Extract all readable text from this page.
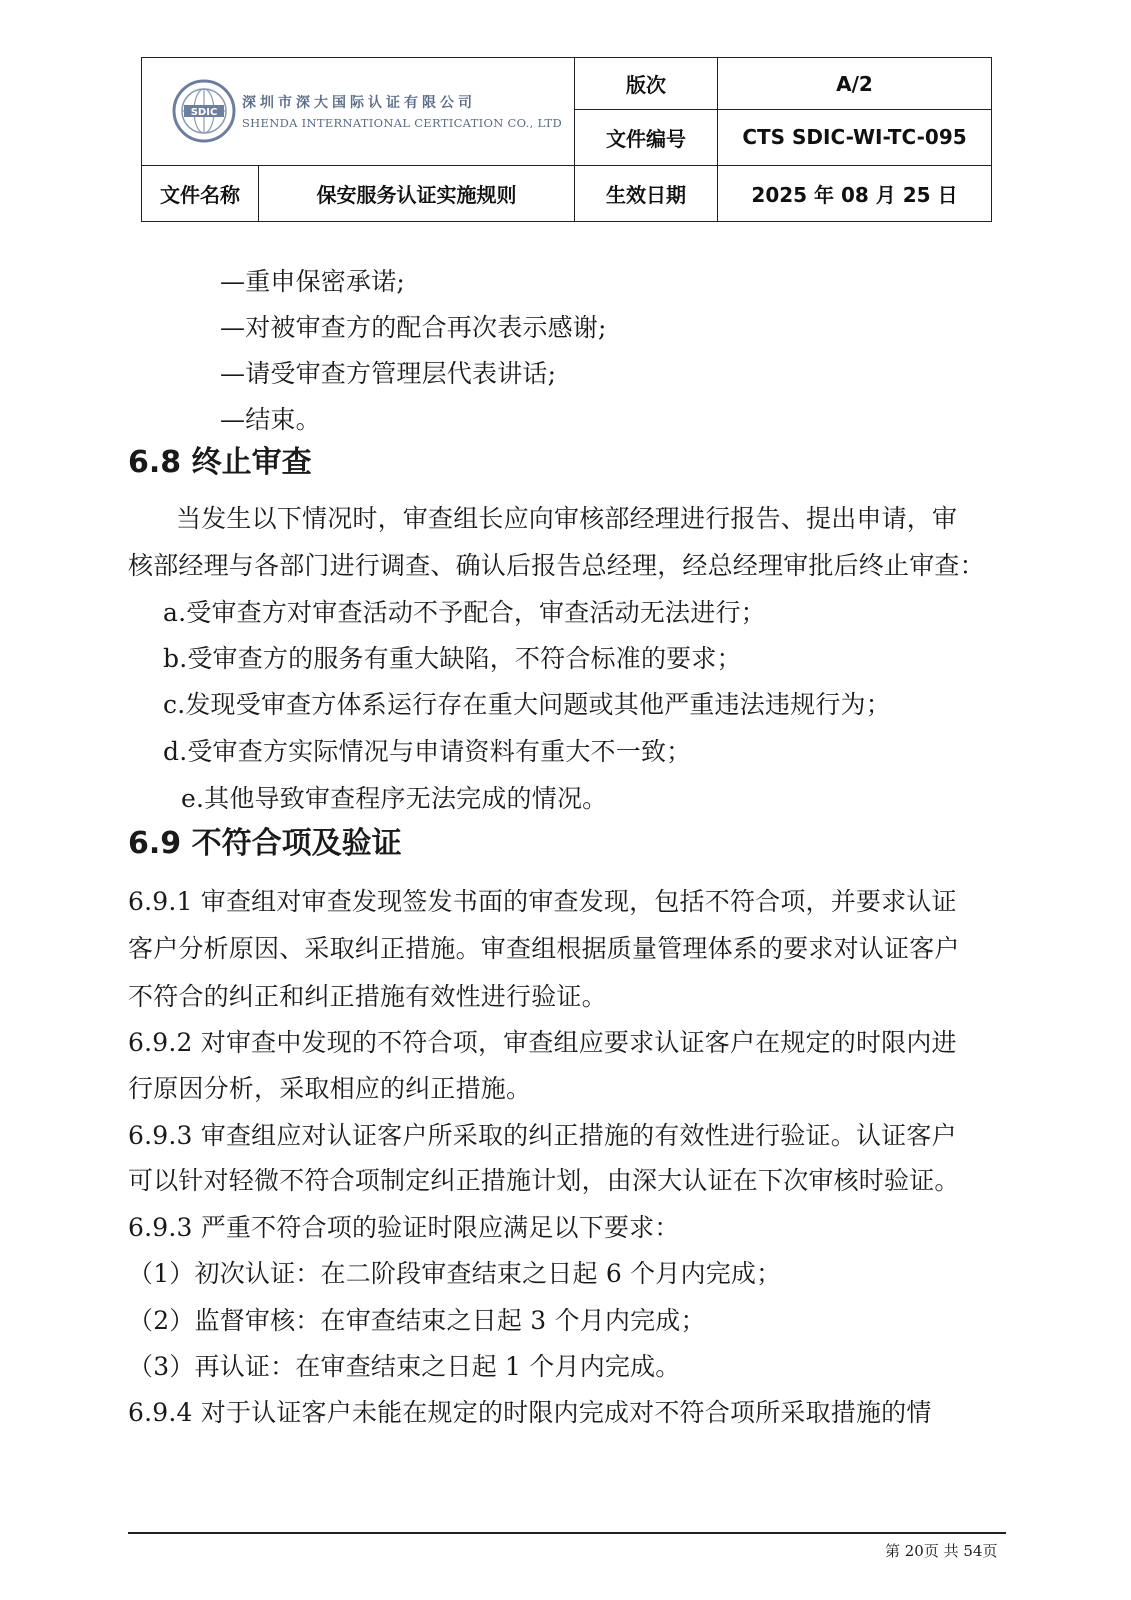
SDIC
深圳市深大国际认证有限公司
SHENDA INTERNATIONAL CERTICATION CO., LTD		版次	A/2
		文件编号	CTS SDIC-WI-TC-095
文件名称	保安服务认证实施规则	生效日期	2025 年 08 月 25 日
—重申保密承诺;
—对被审查方的配合再次表示感谢;
—请受审查方管理层代表讲话;
—结束。
6.8 终止审查
当发生以下情况时，审查组长应向审核部经理进行报告、提出申请，审
核部经理与各部门进行调查、确认后报告总经理，经总经理审批后终止审查：
a.受审查方对审查活动不予配合，审查活动无法进行；
b.受审查方的服务有重大缺陷，不符合标准的要求；
c.发现受审查方体系运行存在重大问题或其他严重违法违规行为；
d.受审查方实际情况与申请资料有重大不一致；
e.其他导致审查程序无法完成的情况。
6.9 不符合项及验证
6.9.1 审查组对审查发现签发书面的审查发现，包括不符合项，并要求认证
客户分析原因、采取纠正措施。审查组根据质量管理体系的要求对认证客户
不符合的纠正和纠正措施有效性进行验证。
6.9.2 对审查中发现的不符合项，审查组应要求认证客户在规定的时限内进
行原因分析，采取相应的纠正措施。
6.9.3 审查组应对认证客户所采取的纠正措施的有效性进行验证。认证客户
可以针对轻微不符合项制定纠正措施计划，由深大认证在下次审核时验证。
6.9.3 严重不符合项的验证时限应满足以下要求：
（1）初次认证：在二阶段审查结束之日起 6 个月内完成；
（2）监督审核：在审查结束之日起 3 个月内完成；
（3）再认证：在审查结束之日起 1 个月内完成。
6.9.4 对于认证客户未能在规定的时限内完成对不符合项所采取措施的情
第 20页 共 54页
